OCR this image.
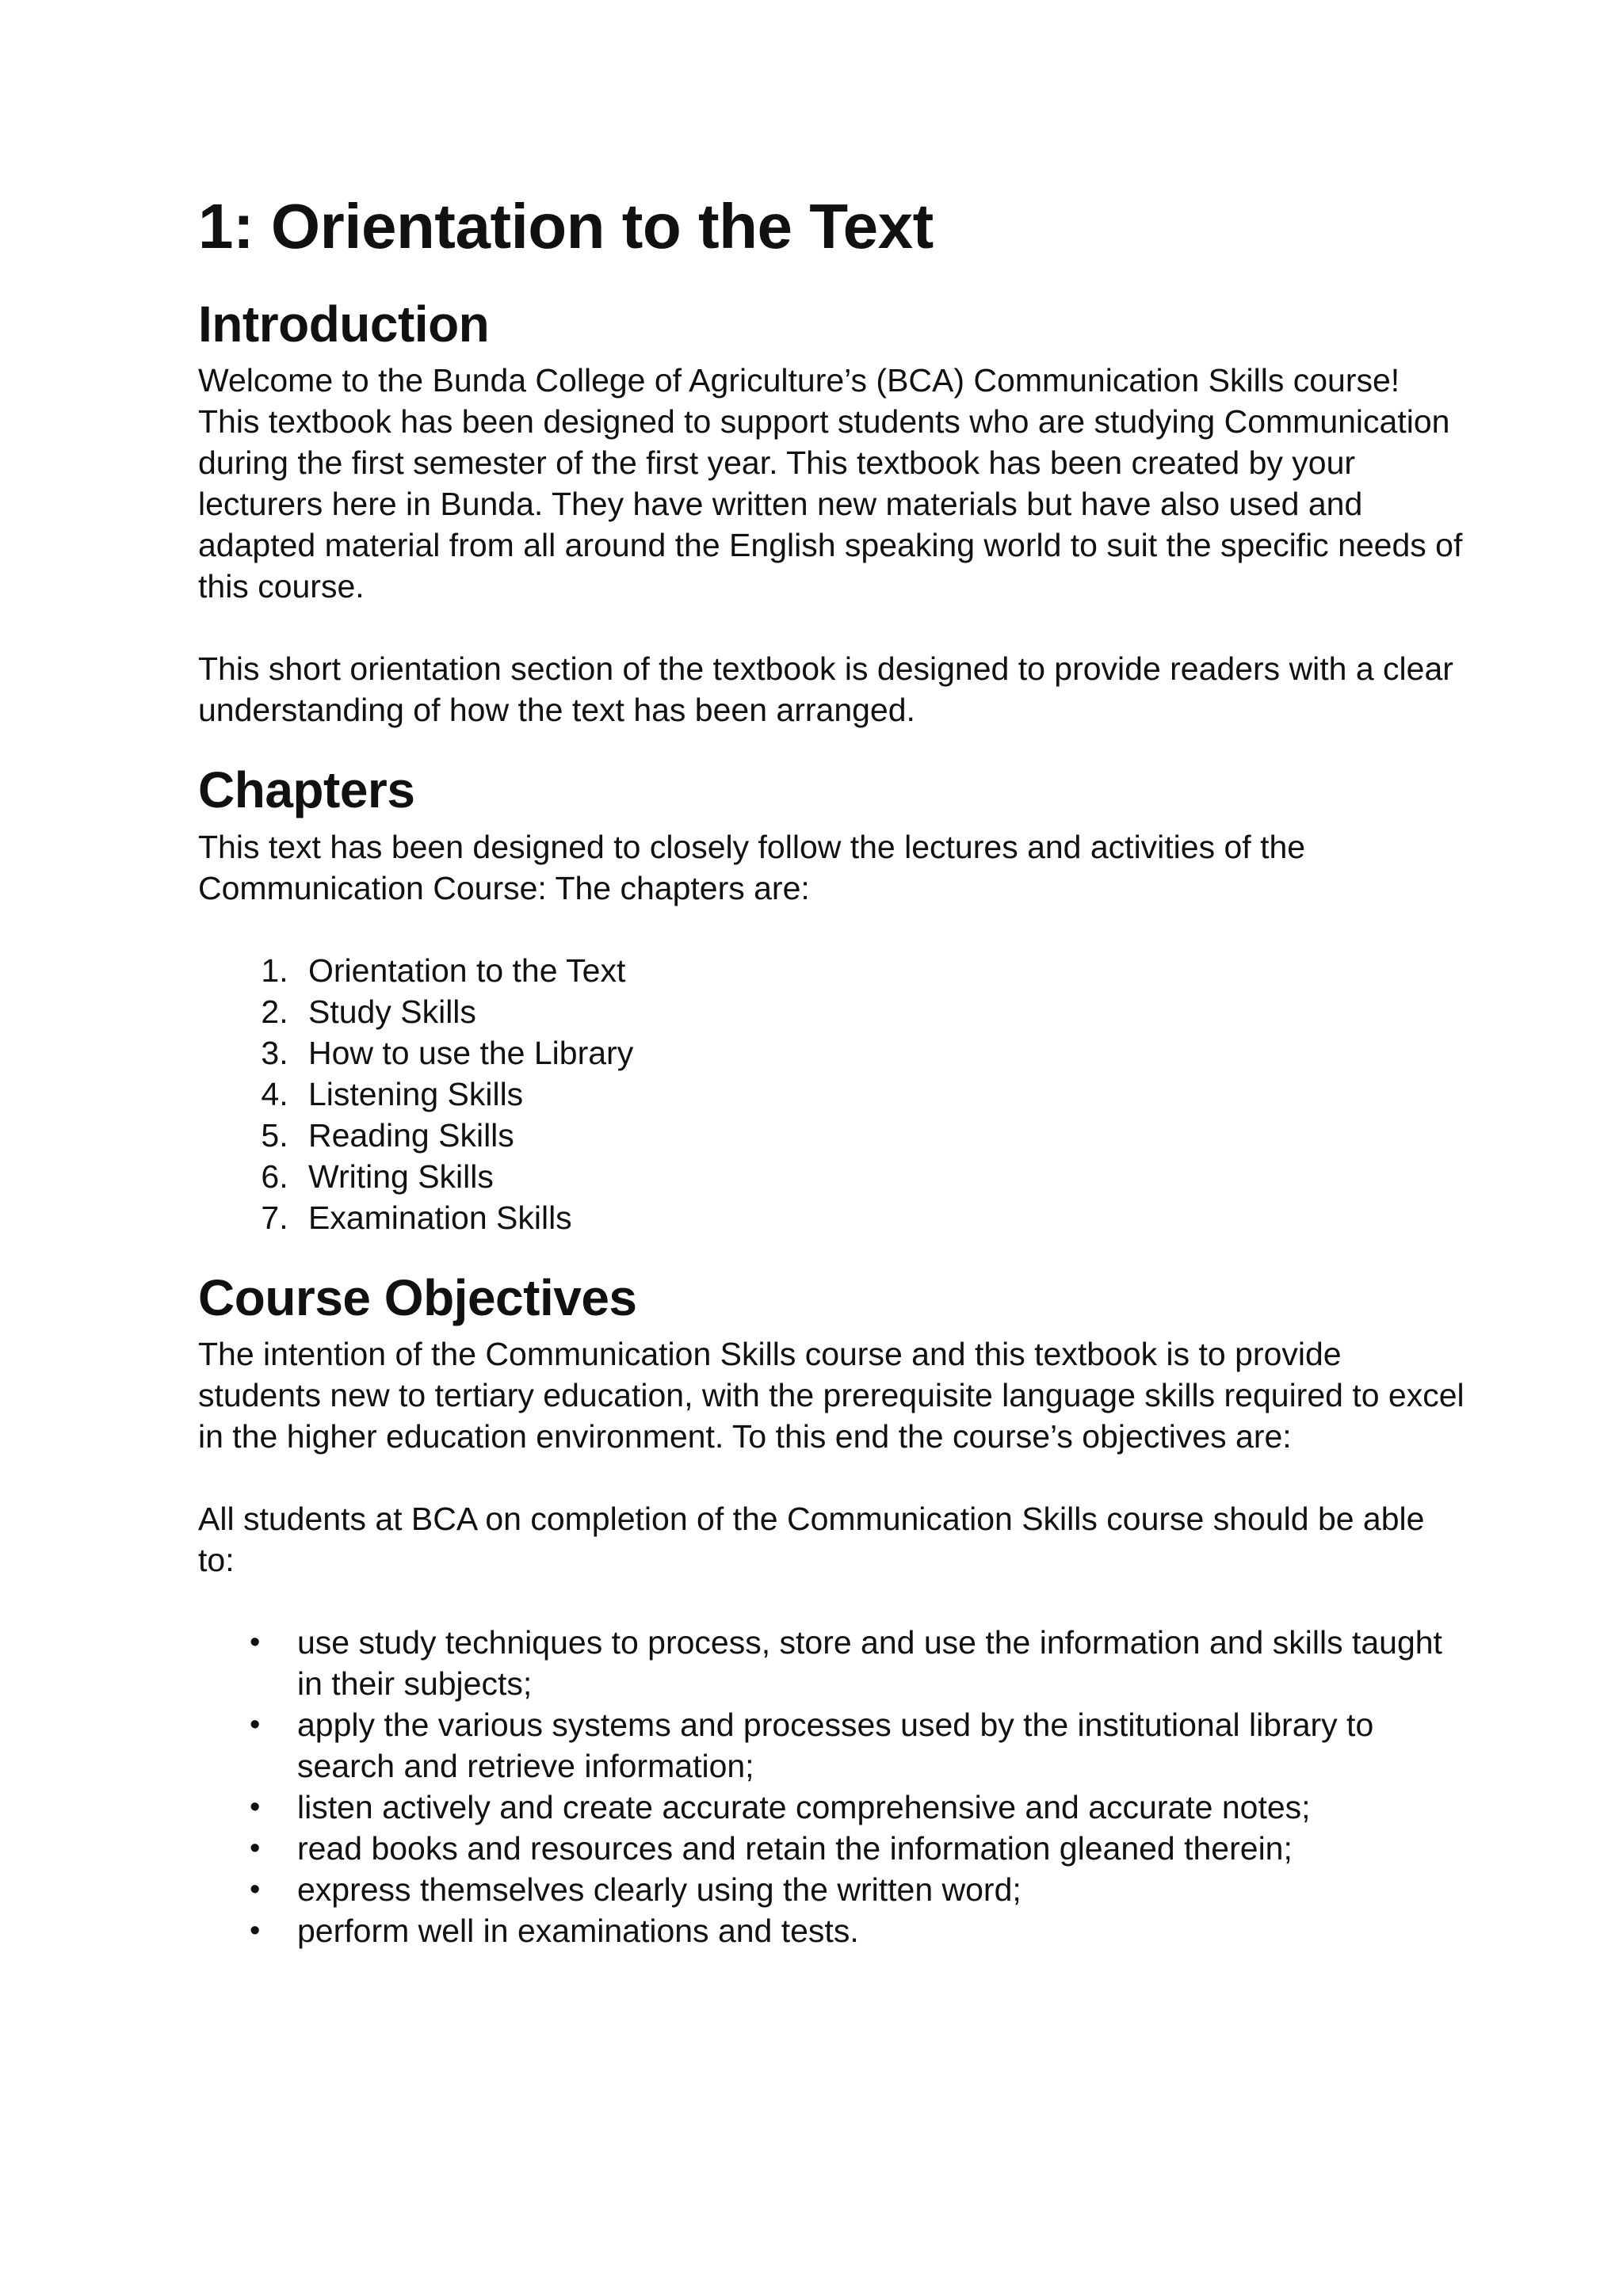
1: Orientation to the Text
Introduction

Welcome to the Bunda College of Agriculture’s (BCA) Communication Skills course! This textbook has been designed to support students who are studying Communication during the first semester of the first year. This textbook has been created by your lecturers here in Bunda. They have written new materials but have also used and adapted material from all around the English speaking world to suit the specific needs of this course.

This short orientation section of the textbook is designed to provide readers with a clear understanding of how the text has been arranged.

Chapters

This text has been designed to closely follow the lectures and activities of the Communication Course: The chapters are:

1. Orientation to the Text
2. Study Skills
3. How to use the Library
4. Listening Skills
5. Reading Skills
6. Writing Skills
7. Examination Skills
Course Objectives

The intention of the Communication Skills course and this textbook is to provide students new to tertiary education, with the prerequisite language skills required to excel in the higher education environment. To this end the course’s objectives are:

All students at BCA on completion of the Communication Skills course should be able to:

• use study techniques to process, store and use the information and skills taught in their subjects;
• apply the various systems and processes used by the institutional library to search and retrieve information;
• listen actively and create accurate comprehensive and accurate notes;
• read books and resources and retain the information gleaned therein;
• express themselves clearly using the written word;
• perform well in examinations and tests.
